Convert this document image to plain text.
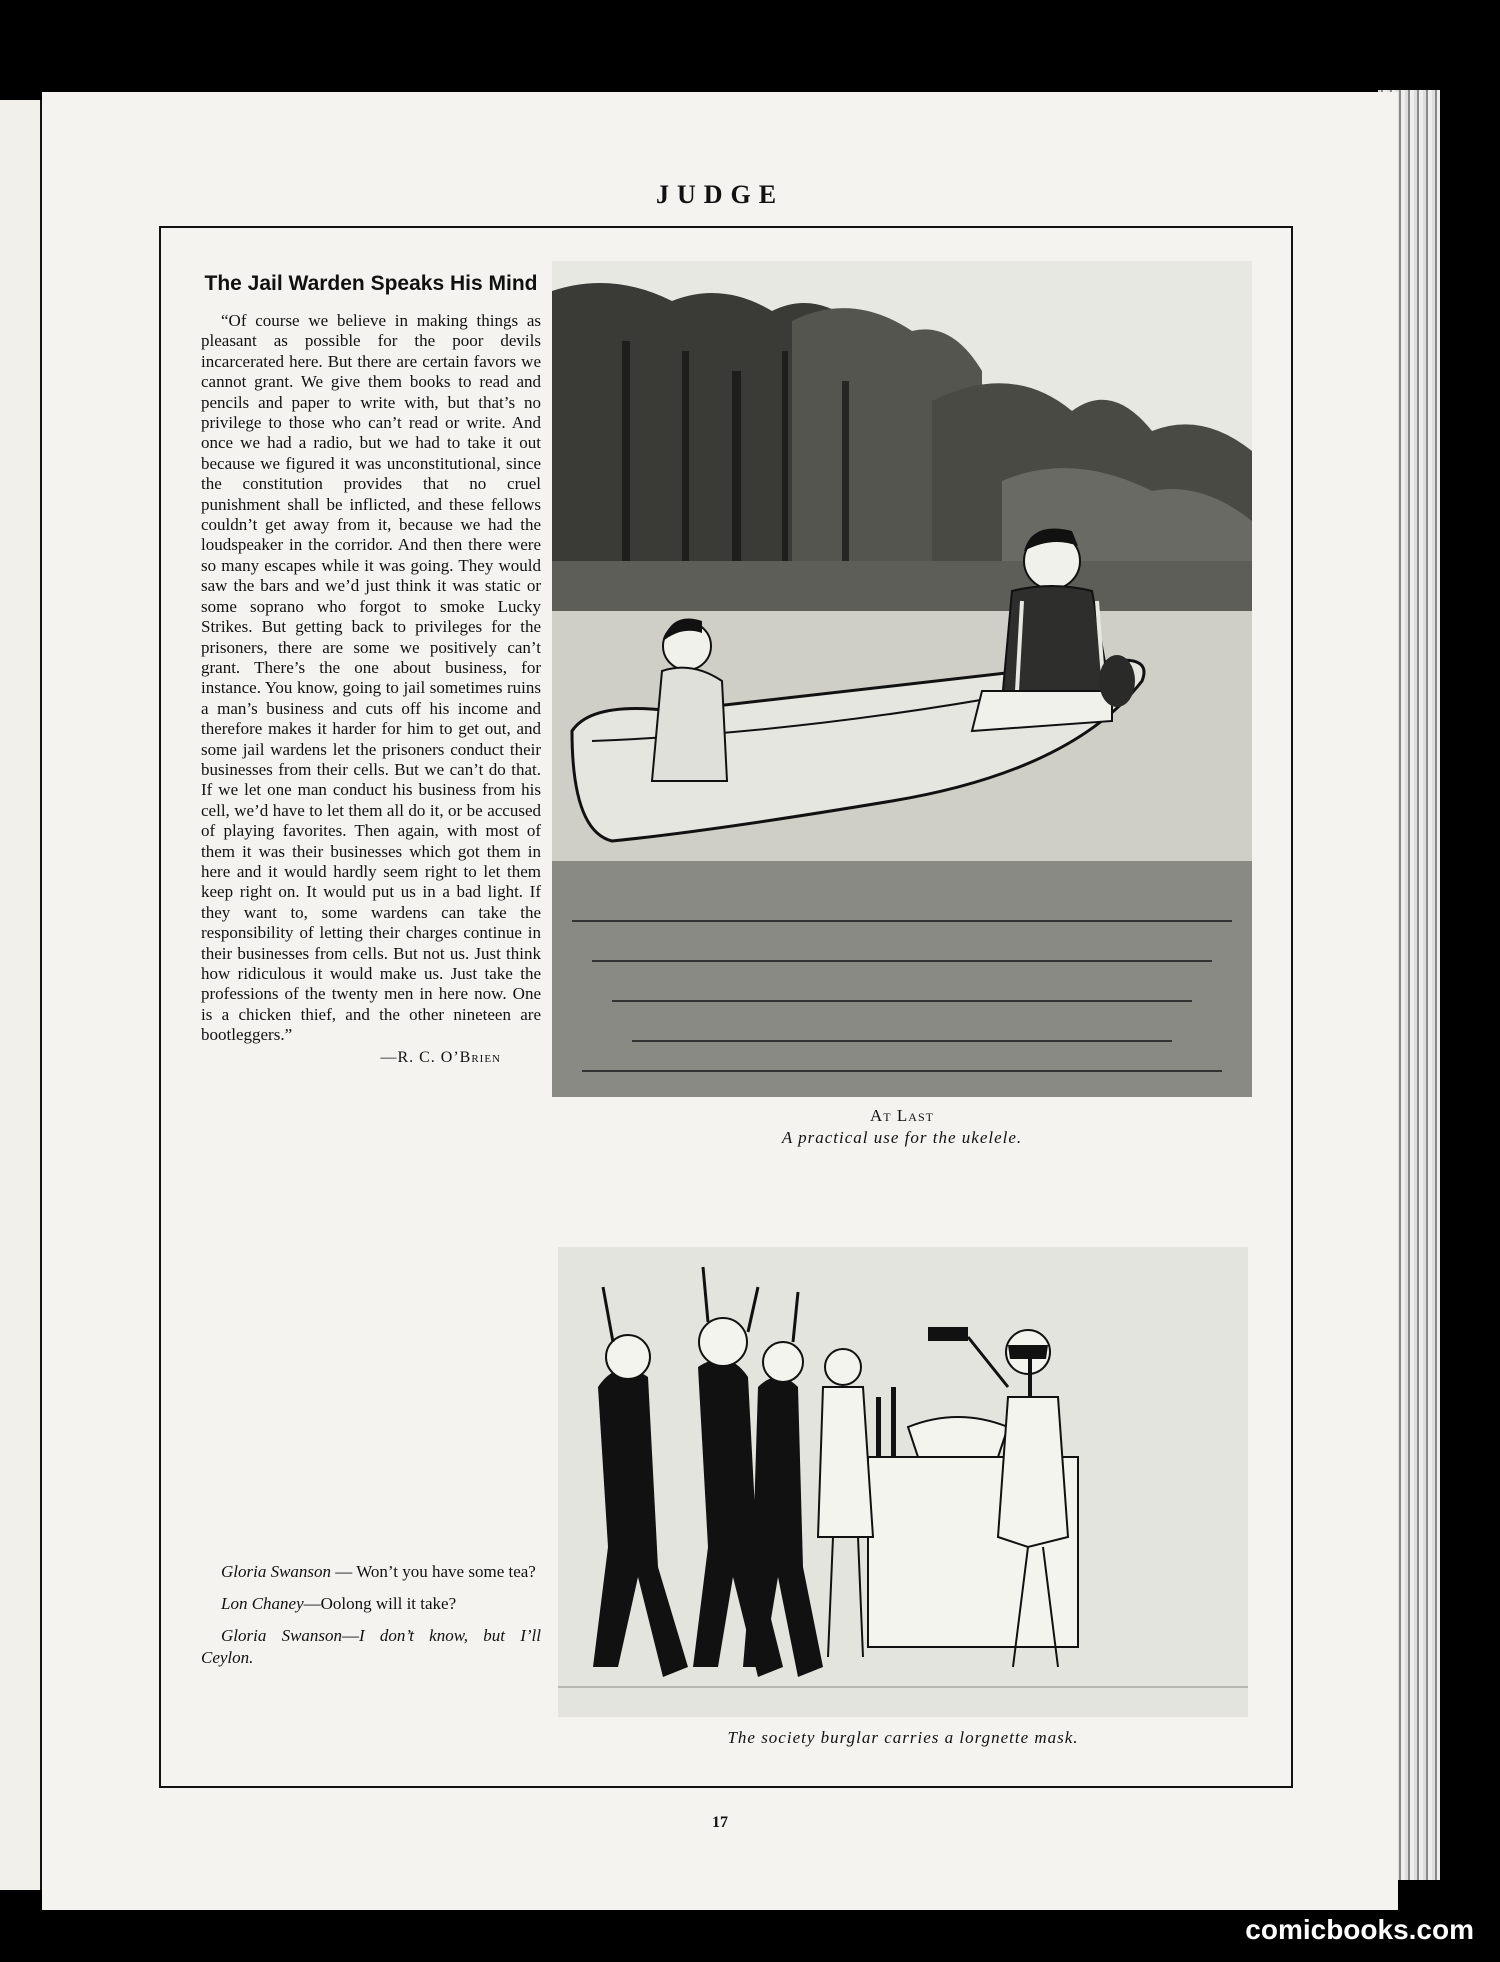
JUDGE
The Jail Warden Speaks His Mind

“Of course we believe in making things as pleasant as possible for the poor devils incarcerated here. But there are certain favors we cannot grant. We give them books to read and pencils and paper to write with, but that’s no privilege to those who can’t read or write. And once we had a radio, but we had to take it out because we figured it was unconstitutional, since the constitution provides that no cruel punishment shall be inflicted, and these fellows couldn’t get away from it, because we had the loudspeaker in the corridor. And then there were so many escapes while it was going. They would saw the bars and we’d just think it was static or some soprano who forgot to smoke Lucky Strikes. But getting back to privileges for the prisoners, there are some we positively can’t grant. There’s the one about business, for instance. You know, going to jail sometimes ruins a man’s business and cuts off his income and therefore makes it harder for him to get out, and some jail wardens let the prisoners conduct their businesses from their cells. But we can’t do that. If we let one man conduct his business from his cell, we’d have to let them all do it, or be accused of playing favorites. Then again, with most of them it was their businesses which got them in here and it would hardly seem right to let them keep right on. It would put us in a bad light. If they want to, some wardens can take the responsibility of letting their charges continue in their businesses from cells. But not us. Just think how ridiculous it would make us. Just take the professions of the twenty men in here now. One is a chicken thief, and the other nineteen are bootleggers.”

—R. C. O’Brien

Gloria Swanson — Won’t you have some tea?

Lon Chaney—Oolong will it take?

Gloria Swanson—I don’t know, but I’ll Ceylon.

At Last
A practical use for the ukelele.
The society burglar carries a lorgnette mask.
17
comicbooks.com
